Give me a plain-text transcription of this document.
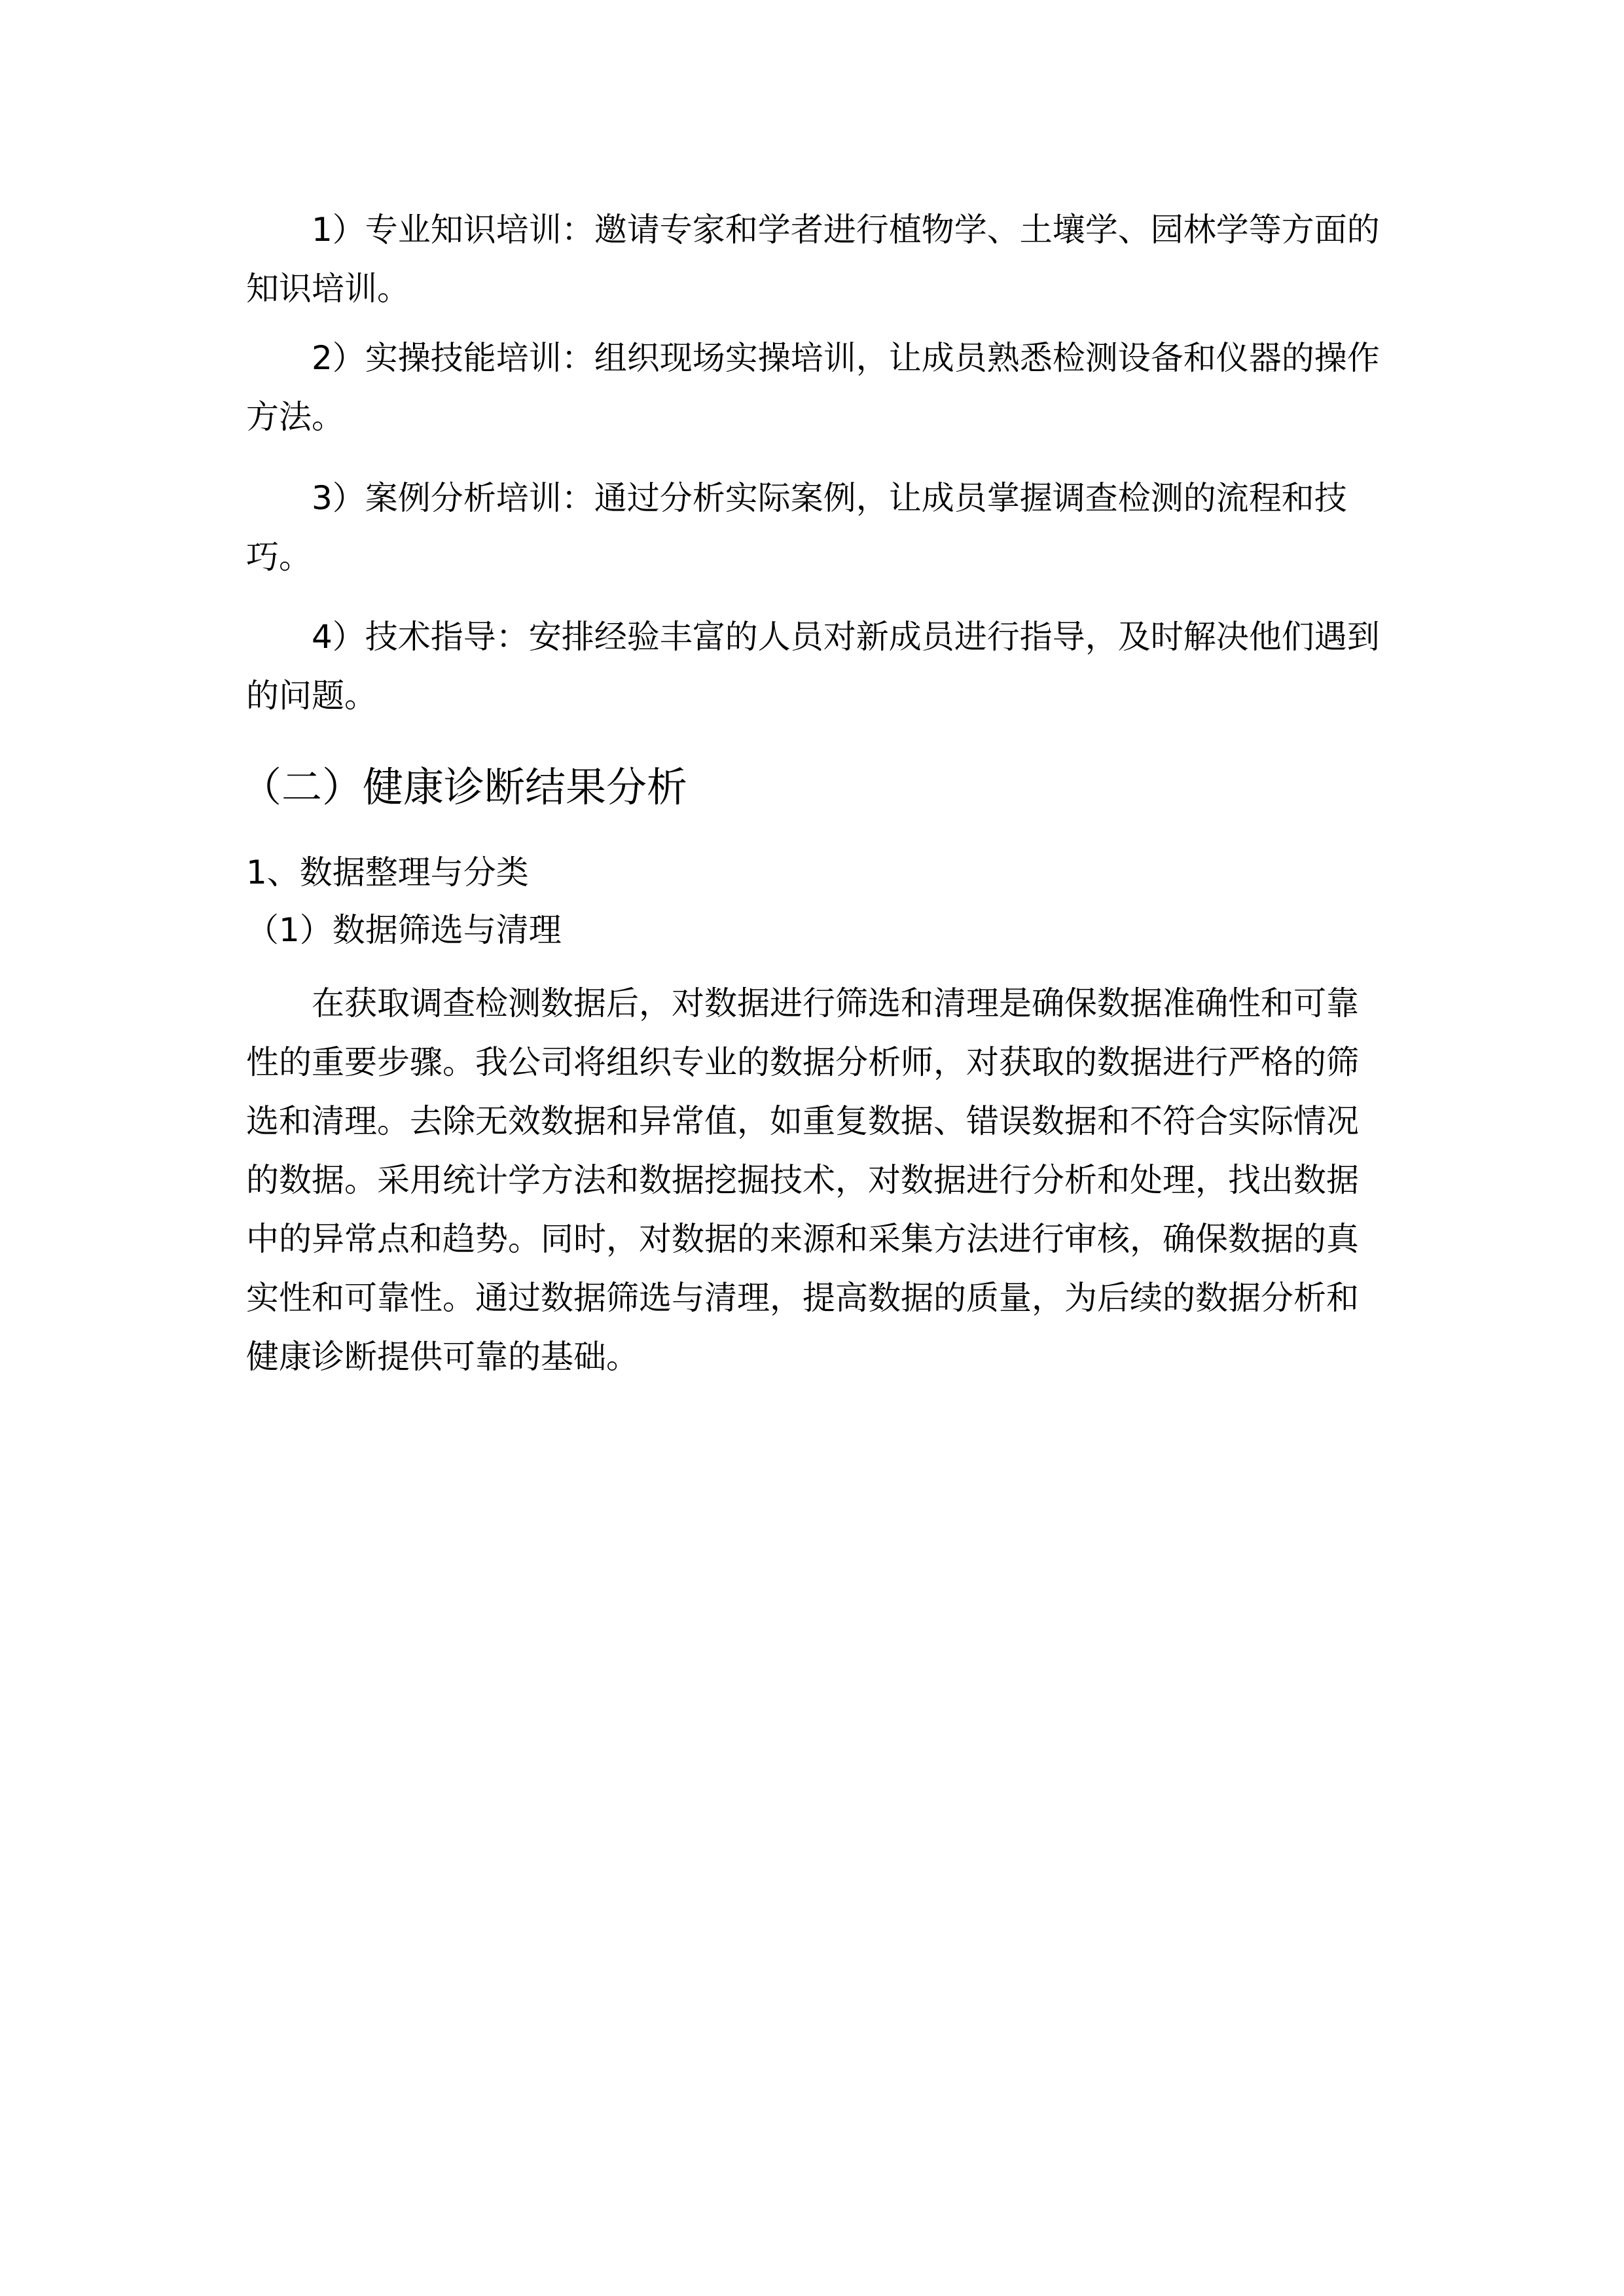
1）专业知识培训：邀请专家和学者进行植物学、土壤学、园林学等方面的
知识培训。

2）实操技能培训：组织现场实操培训，让成员熟悉检测设备和仪器的操作
方法。

3）案例分析培训：通过分析实际案例，让成员掌握调查检测的流程和技
巧。

4）技术指导：安排经验丰富的人员对新成员进行指导，及时解决他们遇到
的问题。

（二）健康诊断结果分析
1、数据整理与分类
（1）数据筛选与清理

在获取调查检测数据后，对数据进行筛选和清理是确保数据准确性和可靠
性的重要步骤。我公司将组织专业的数据分析师，对获取的数据进行严格的筛
选和清理。去除无效数据和异常值，如重复数据、错误数据和不符合实际情况
的数据。采用统计学方法和数据挖掘技术，对数据进行分析和处理，找出数据
中的异常点和趋势。同时，对数据的来源和采集方法进行审核，确保数据的真
实性和可靠性。通过数据筛选与清理，提高数据的质量，为后续的数据分析和
健康诊断提供可靠的基础。
